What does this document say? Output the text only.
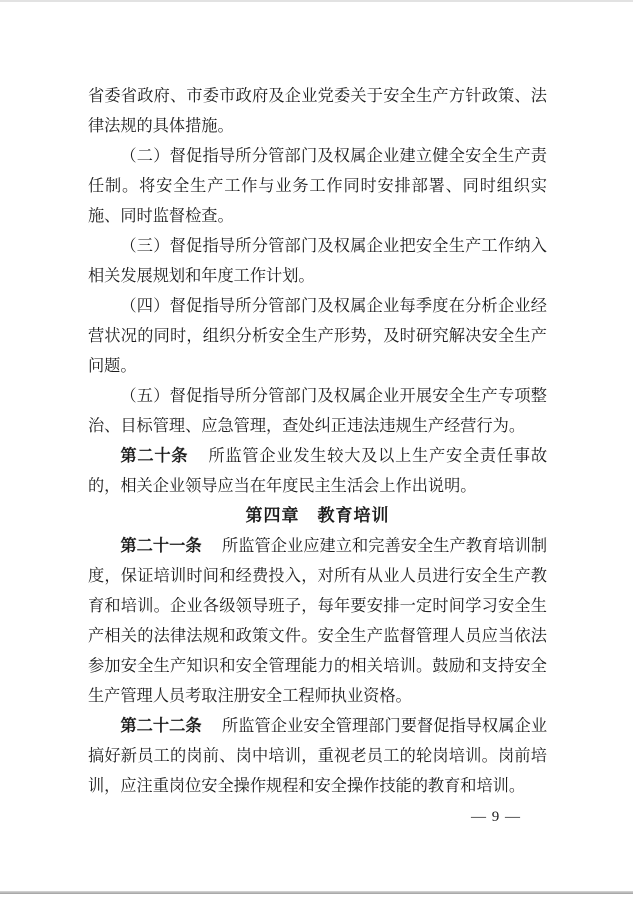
省委省政府、市委市政府及企业党委关于安全生产方针政策、法律法规的具体措施。

（二）督促指导所分管部门及权属企业建立健全安全生产责任制。将安全生产工作与业务工作同时安排部署、同时组织实施、同时监督检查。

（三）督促指导所分管部门及权属企业把安全生产工作纳入相关发展规划和年度工作计划。

（四）督促指导所分管部门及权属企业每季度在分析企业经营状况的同时，组织分析安全生产形势，及时研究解决安全生产问题。

（五）督促指导所分管部门及权属企业开展安全生产专项整治、目标管理、应急管理，查处纠正违法违规生产经营行为。

第二十条 所监管企业发生较大及以上生产安全责任事故的，相关企业领导应当在年度民主生活会上作出说明。

第四章　教育培训

第二十一条 所监管企业应建立和完善安全生产教育培训制度，保证培训时间和经费投入，对所有从业人员进行安全生产教育和培训。企业各级领导班子，每年要安排一定时间学习安全生产相关的法律法规和政策文件。安全生产监督管理人员应当依法参加安全生产知识和安全管理能力的相关培训。鼓励和支持安全生产管理人员考取注册安全工程师执业资格。

第二十二条 所监管企业安全管理部门要督促指导权属企业搞好新员工的岗前、岗中培训，重视老员工的轮岗培训。岗前培训，应注重岗位安全操作规程和安全操作技能的教育和培训。

— 9 —
